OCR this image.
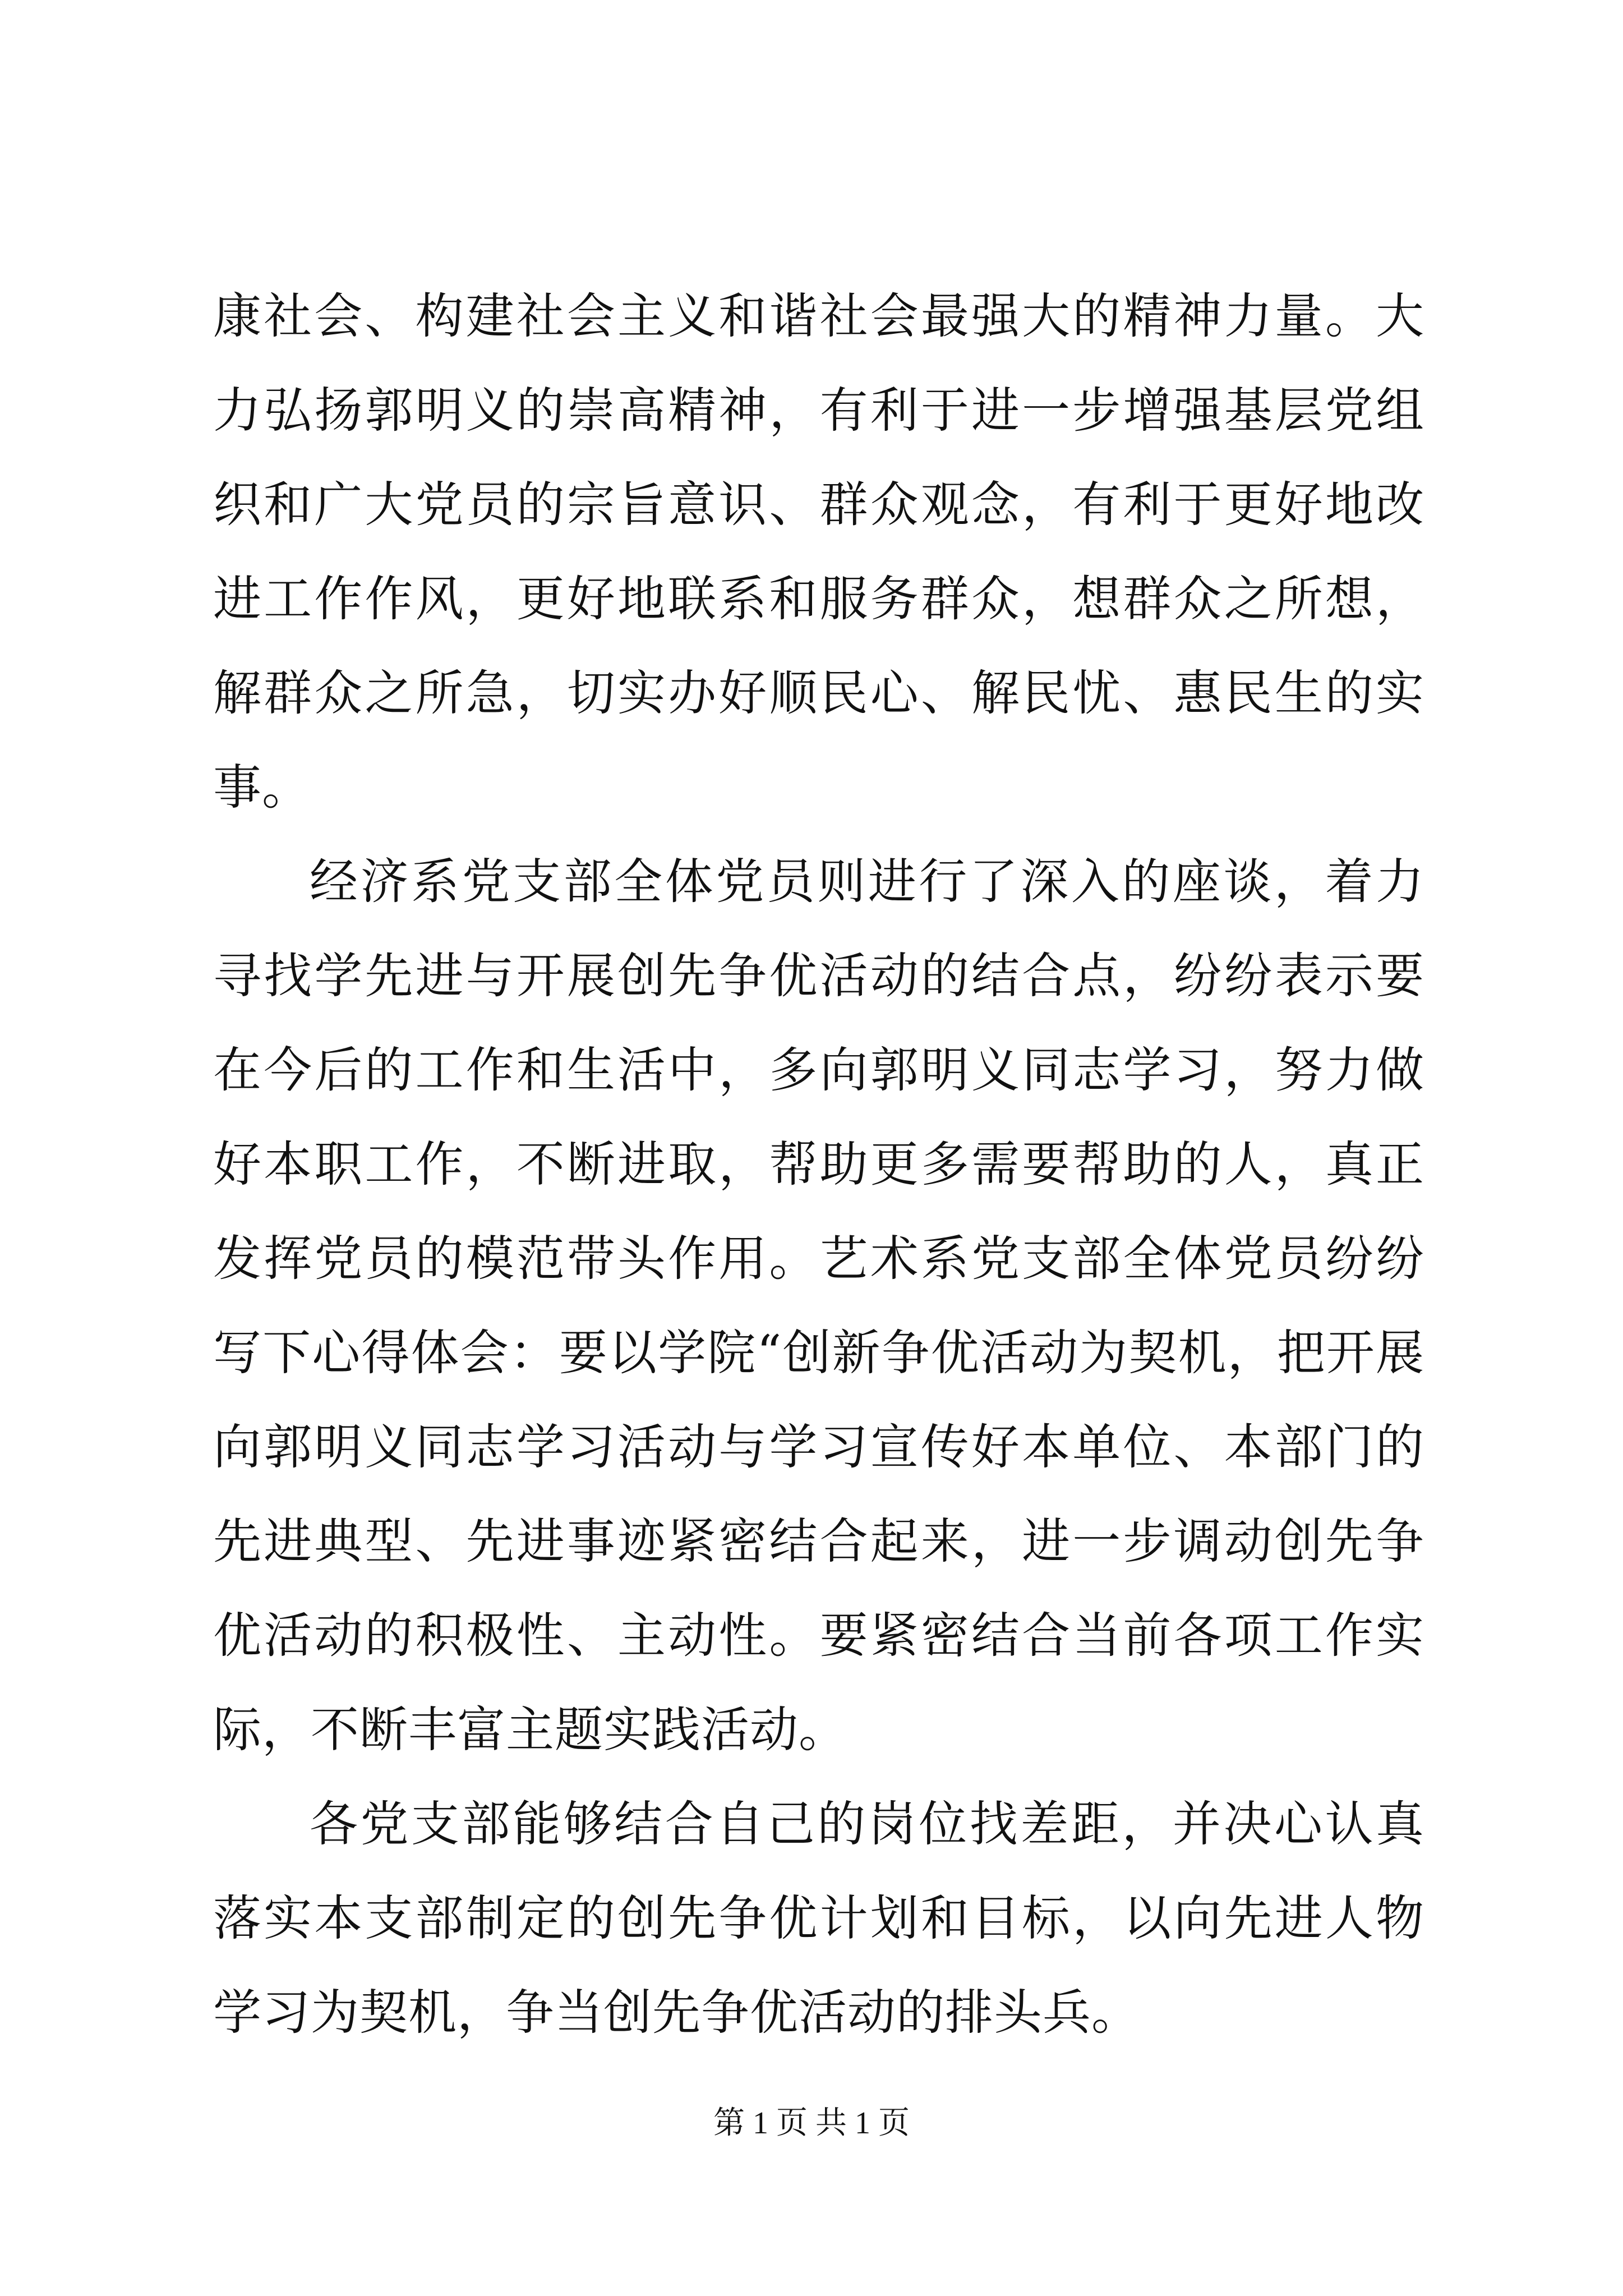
康社会、构建社会主义和谐社会最强大的精神力量。大力弘扬郭明义的崇高精神，有利于进一步增强基层党组织和广大党员的宗旨意识、群众观念，有利于更好地改进工作作风，更好地联系和服务群众，想群众之所想，解群众之所急，切实办好顺民心、解民忧、惠民生的实事。

经济系党支部全体党员则进行了深入的座谈，着力寻找学先进与开展创先争优活动的结合点，纷纷表示要在今后的工作和生活中，多向郭明义同志学习，努力做好本职工作，不断进取，帮助更多需要帮助的人，真正发挥党员的模范带头作用。艺术系党支部全体党员纷纷写下心得体会：要以学院“创新争优活动为契机，把开展向郭明义同志学习活动与学习宣传好本单位、本部门的先进典型、先进事迹紧密结合起来，进一步调动创先争优活动的积极性、主动性。要紧密结合当前各项工作实际，不断丰富主题实践活动。

各党支部能够结合自己的岗位找差距，并决心认真落实本支部制定的创先争优计划和目标，以向先进人物学习为契机，争当创先争优活动的排头兵。

第 1 页 共 1 页
